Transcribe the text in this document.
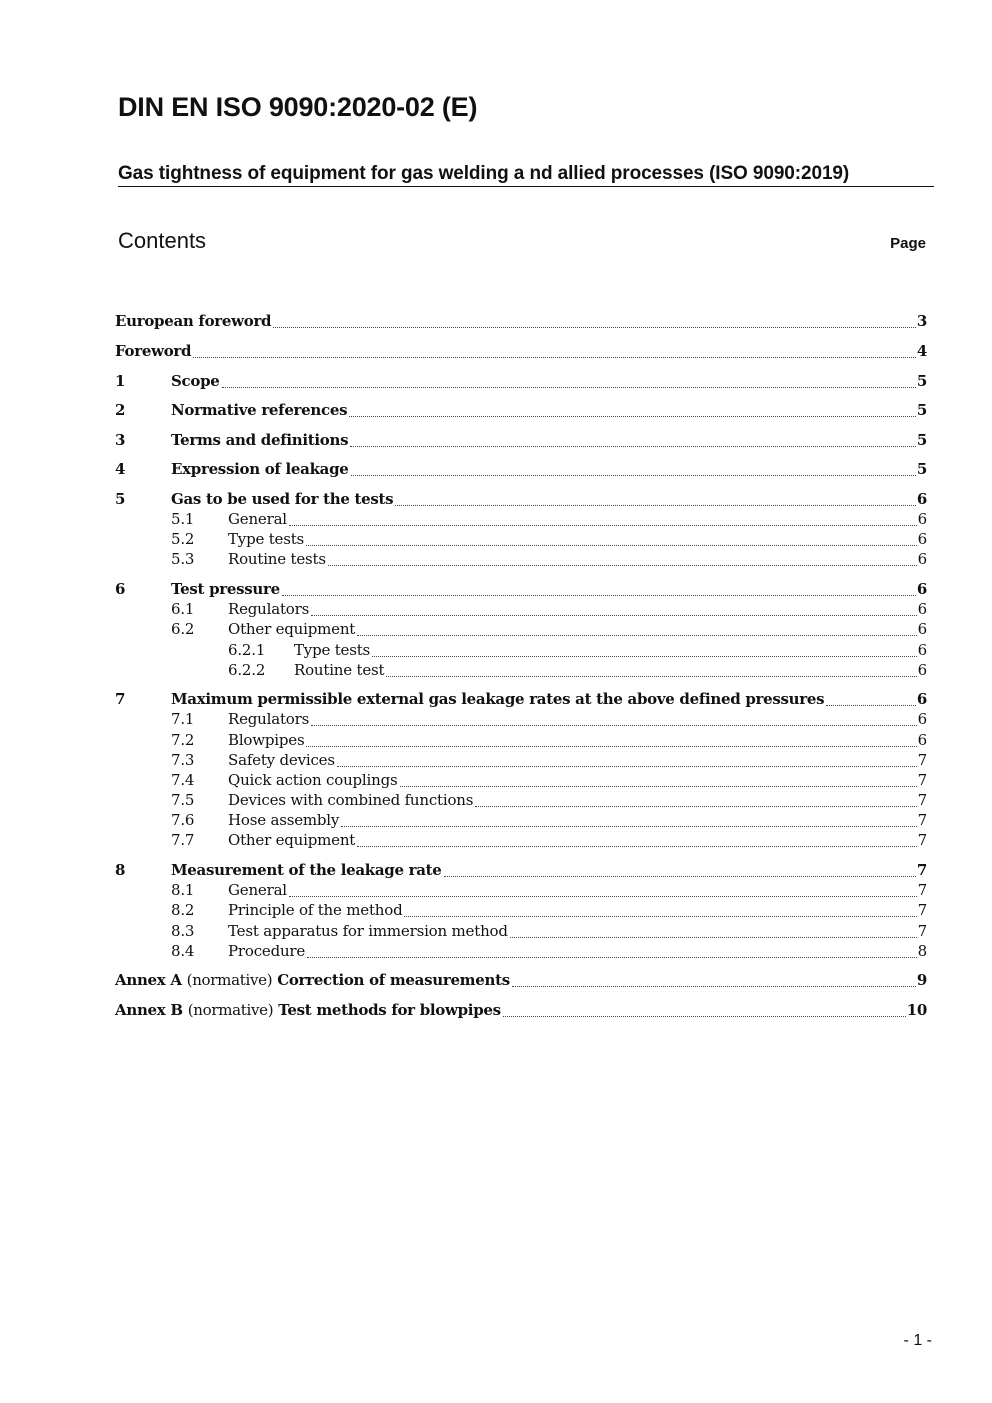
DIN EN ISO 9090:2020-02 (E)
Gas tightness of equipment for gas welding a nd allied processes (ISO 9090:2019)
Contents	Page
European foreword	3
Foreword	4
1	Scope	5
2	Normative references	5
3	Terms and definitions	5
4	Expression of leakage	5
5	Gas to be used for the tests	6
5.1	General	6
5.2	Type tests	6
5.3	Routine tests	6
6	Test pressure	6
6.1	Regulators	6
6.2	Other equipment	6
6.2.1	Type tests	6
6.2.2	Routine test	6
7	Maximum permissible external gas leakage rates at the above defined pressures	6
7.1	Regulators	6
7.2	Blowpipes	6
7.3	Safety devices	7
7.4	Quick action couplings	7
7.5	Devices with combined functions	7
7.6	Hose assembly	7
7.7	Other equipment	7
8	Measurement of the leakage rate	7
8.1	General	7
8.2	Principle of the method	7
8.3	Test apparatus for immersion method	7
8.4	Procedure	8
Annex A (normative) Correction of measurements	9
Annex B (normative) Test methods for blowpipes	10
- 1 -
